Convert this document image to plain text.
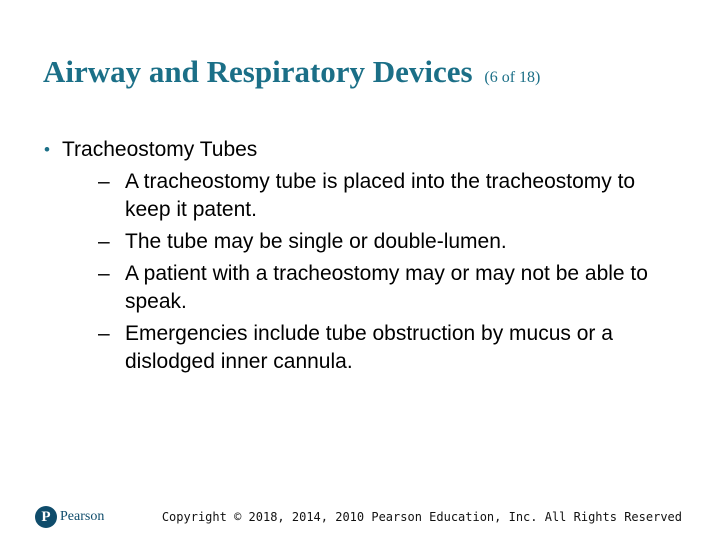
Airway and Respiratory Devices (6 of 18)
• Tracheostomy Tubes
– A tracheostomy tube is placed into the tracheostomy to keep it patent.
– The tube may be single or double-lumen.
– A patient with a tracheostomy may or may not be able to speak.
– Emergencies include tube obstruction by mucus or a dislodged inner cannula.
P Pearson	Copyright © 2018, 2014, 2010 Pearson Education, Inc. All Rights Reserved
